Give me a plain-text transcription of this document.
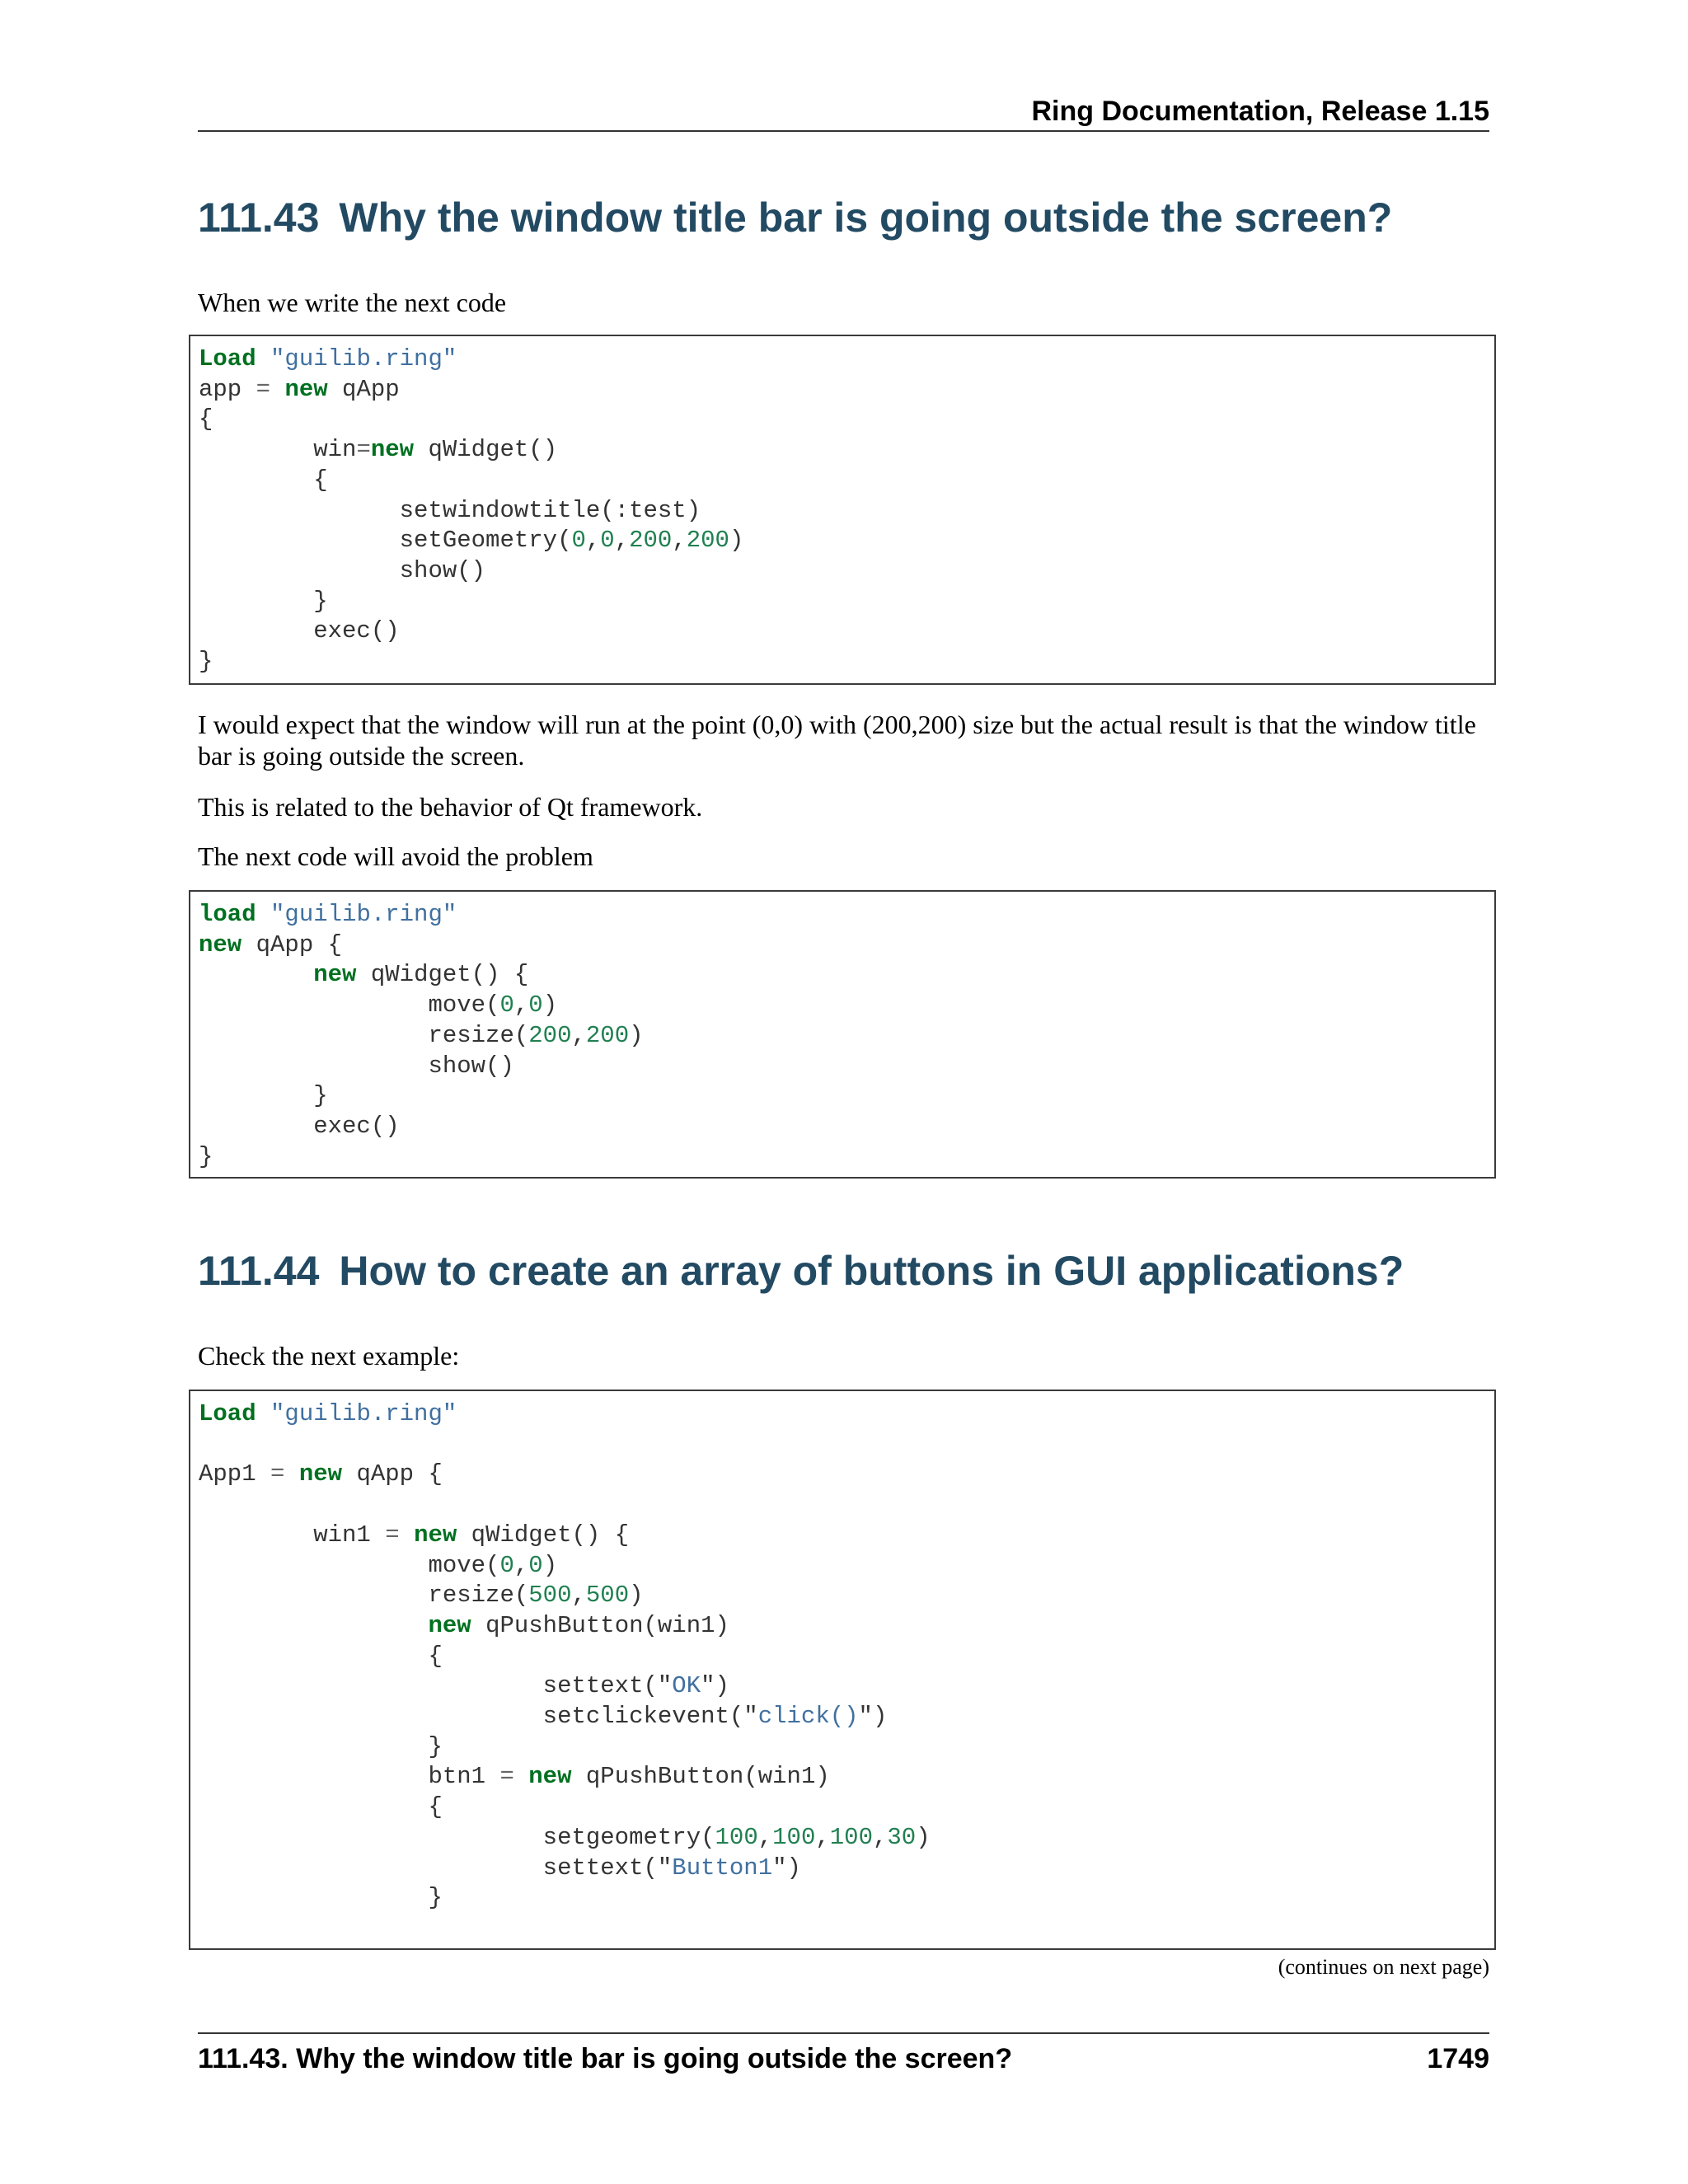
Ring Documentation, Release 1.15
111.43 Why the window title bar is going outside the screen?

When we write the next code

Load "guilib.ring"
app = new qApp
{
win=new qWidget()
{
setwindowtitle(:test)
setGeometry(0,0,200,200)
show()
}
exec()
}

I would expect that the window will run at the point (0,0) with (200,200) size but the actual result is that the window title bar is going outside the screen.

This is related to the behavior of Qt framework.

The next code will avoid the problem

load "guilib.ring"
new qApp {
new qWidget() {
move(0,0)
resize(200,200)
show()
}
exec()
}
111.44 How to create an array of buttons in GUI applications?

Check the next example:

Load "guilib.ring"

App1 = new qApp {

win1 = new qWidget() {
move(0,0)
resize(500,500)
new qPushButton(win1)
{
settext("OK")
setclickevent("click()")
}
btn1 = new qPushButton(win1)
{
setgeometry(100,100,100,30)
settext("Button1")
}
(continues on next page)
111.43. Why the window title bar is going outside the screen?	1749
